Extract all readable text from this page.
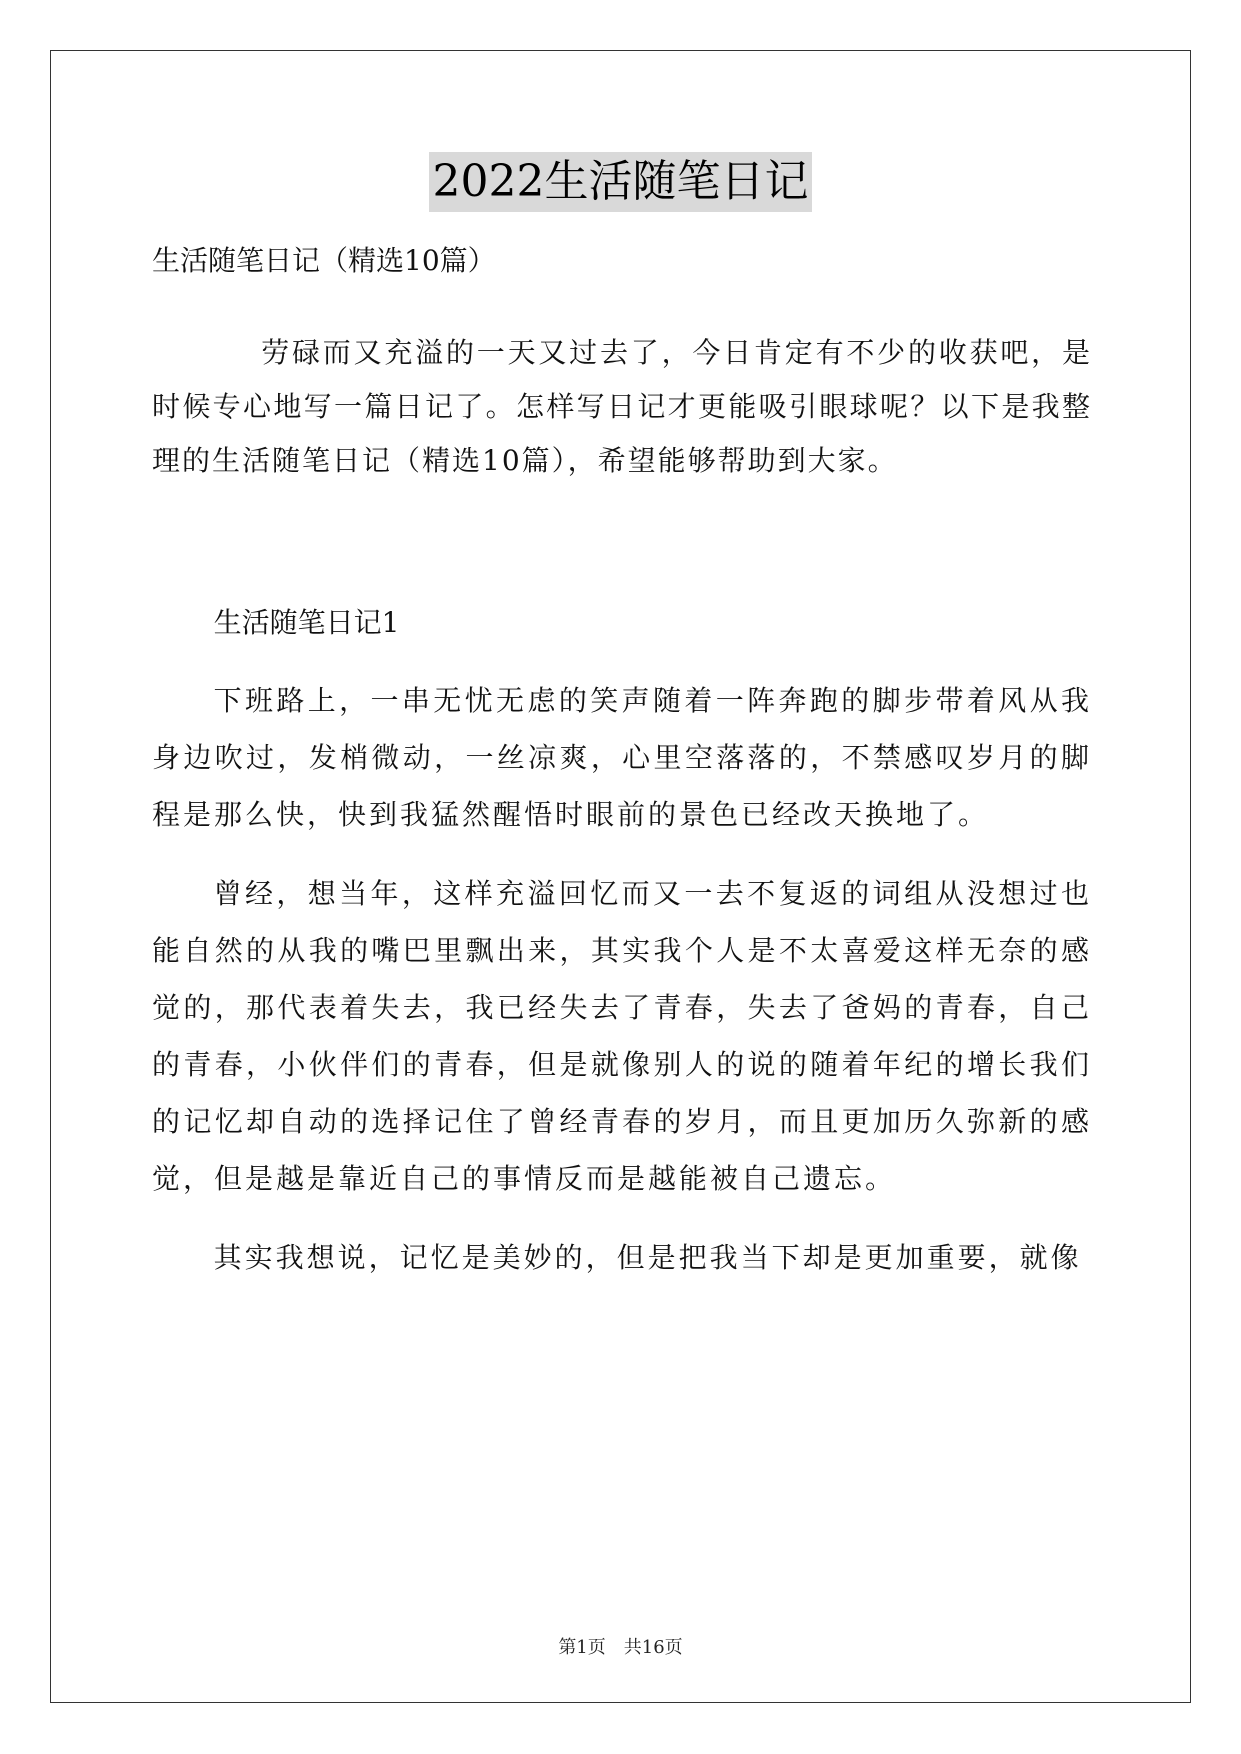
2022生活随笔日记

生活随笔日记（精选10篇）

劳碌而又充溢的一天又过去了，今日肯定有不少的收获吧，是时候专心地写一篇日记了。怎样写日记才更能吸引眼球呢？以下是我整理的生活随笔日记（精选10篇），希望能够帮助到大家。

生活随笔日记1

下班路上，一串无忧无虑的笑声随着一阵奔跑的脚步带着风从我身边吹过，发梢微动，一丝凉爽，心里空落落的，不禁感叹岁月的脚程是那么快，快到我猛然醒悟时眼前的景色已经改天换地了。

曾经，想当年，这样充溢回忆而又一去不复返的词组从没想过也能自然的从我的嘴巴里飘出来，其实我个人是不太喜爱这样无奈的感觉的，那代表着失去，我已经失去了青春，失去了爸妈的青春，自己的青春，小伙伴们的青春，但是就像别人的说的随着年纪的增长我们的记忆却自动的选择记住了曾经青春的岁月，而且更加历久弥新的感觉，但是越是靠近自己的事情反而是越能被自己遗忘。

其实我想说，记忆是美妙的，但是把我当下却是更加重要，就像

第1页　共16页
